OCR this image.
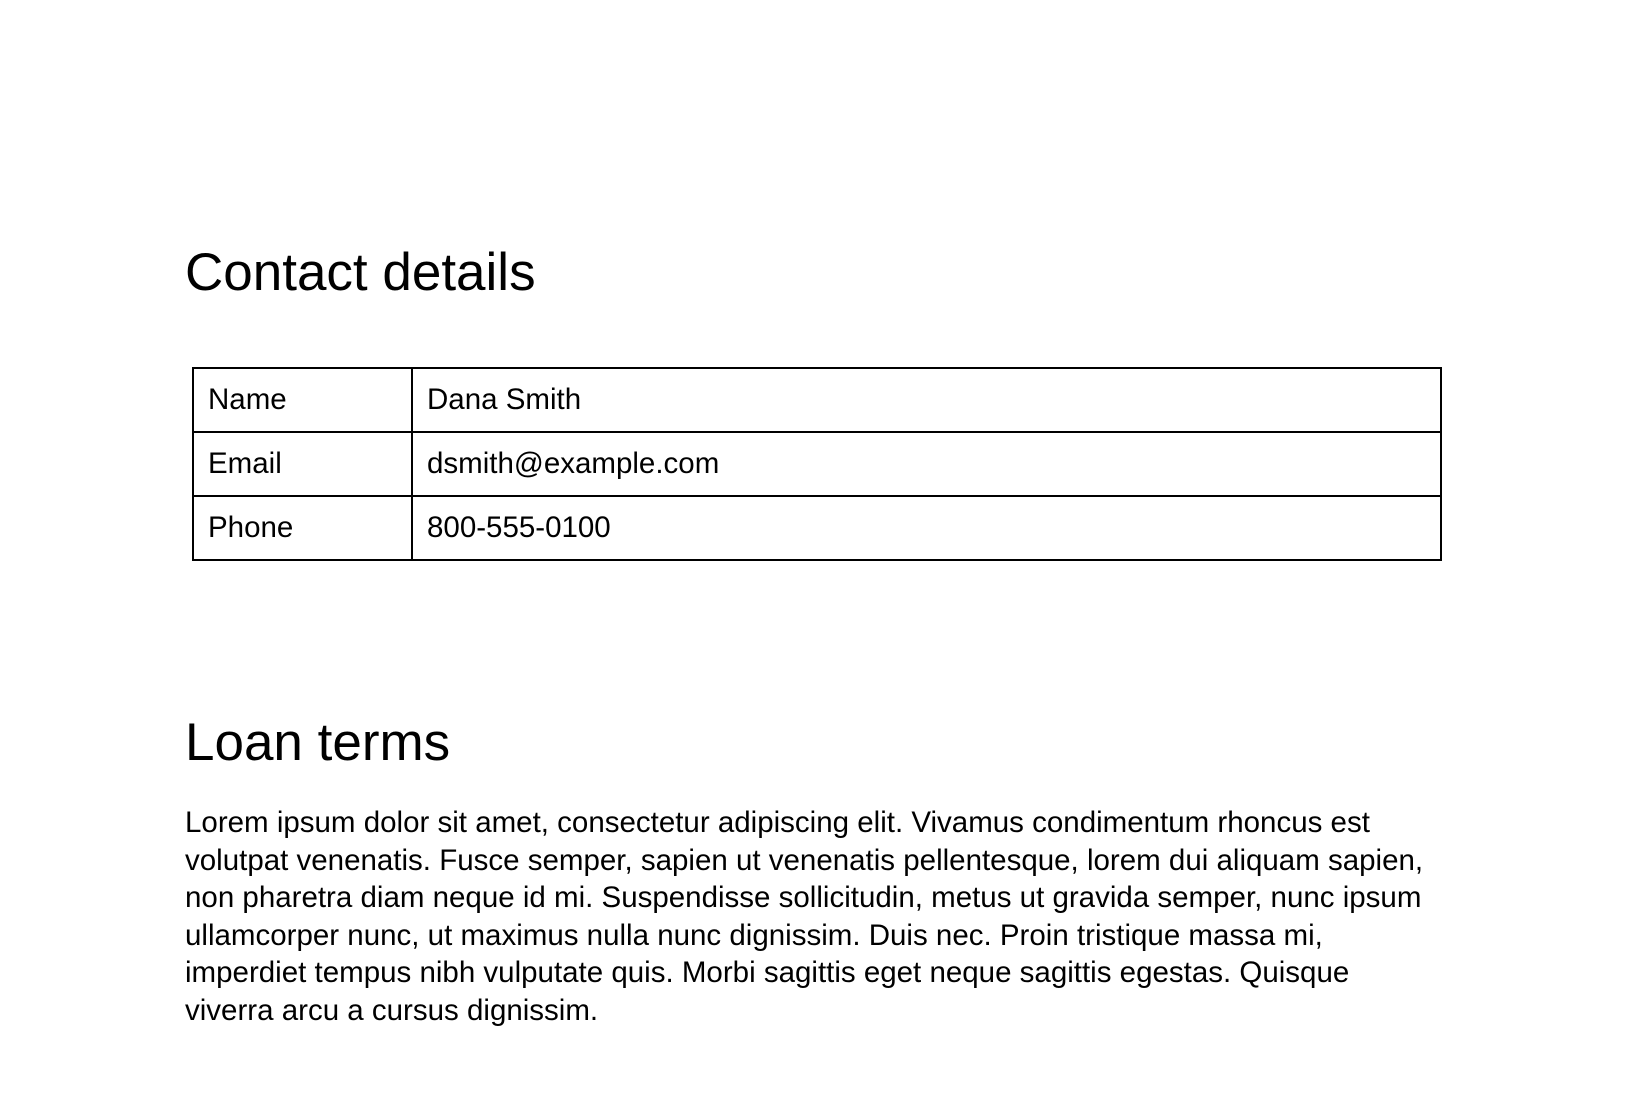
Contact details
Name	Dana Smith
Email	dsmith@example.com
Phone	800-555-0100
Loan terms
Lorem ipsum dolor sit amet, consectetur adipiscing elit. Vivamus condimentum rhoncus est
volutpat venenatis. Fusce semper, sapien ut venenatis pellentesque, lorem dui aliquam sapien,
non pharetra diam neque id mi. Suspendisse sollicitudin, metus ut gravida semper, nunc ipsum
ullamcorper nunc, ut maximus nulla nunc dignissim. Duis nec. Proin tristique massa mi,
imperdiet tempus nibh vulputate quis. Morbi sagittis eget neque sagittis egestas. Quisque
viverra arcu a cursus dignissim.
